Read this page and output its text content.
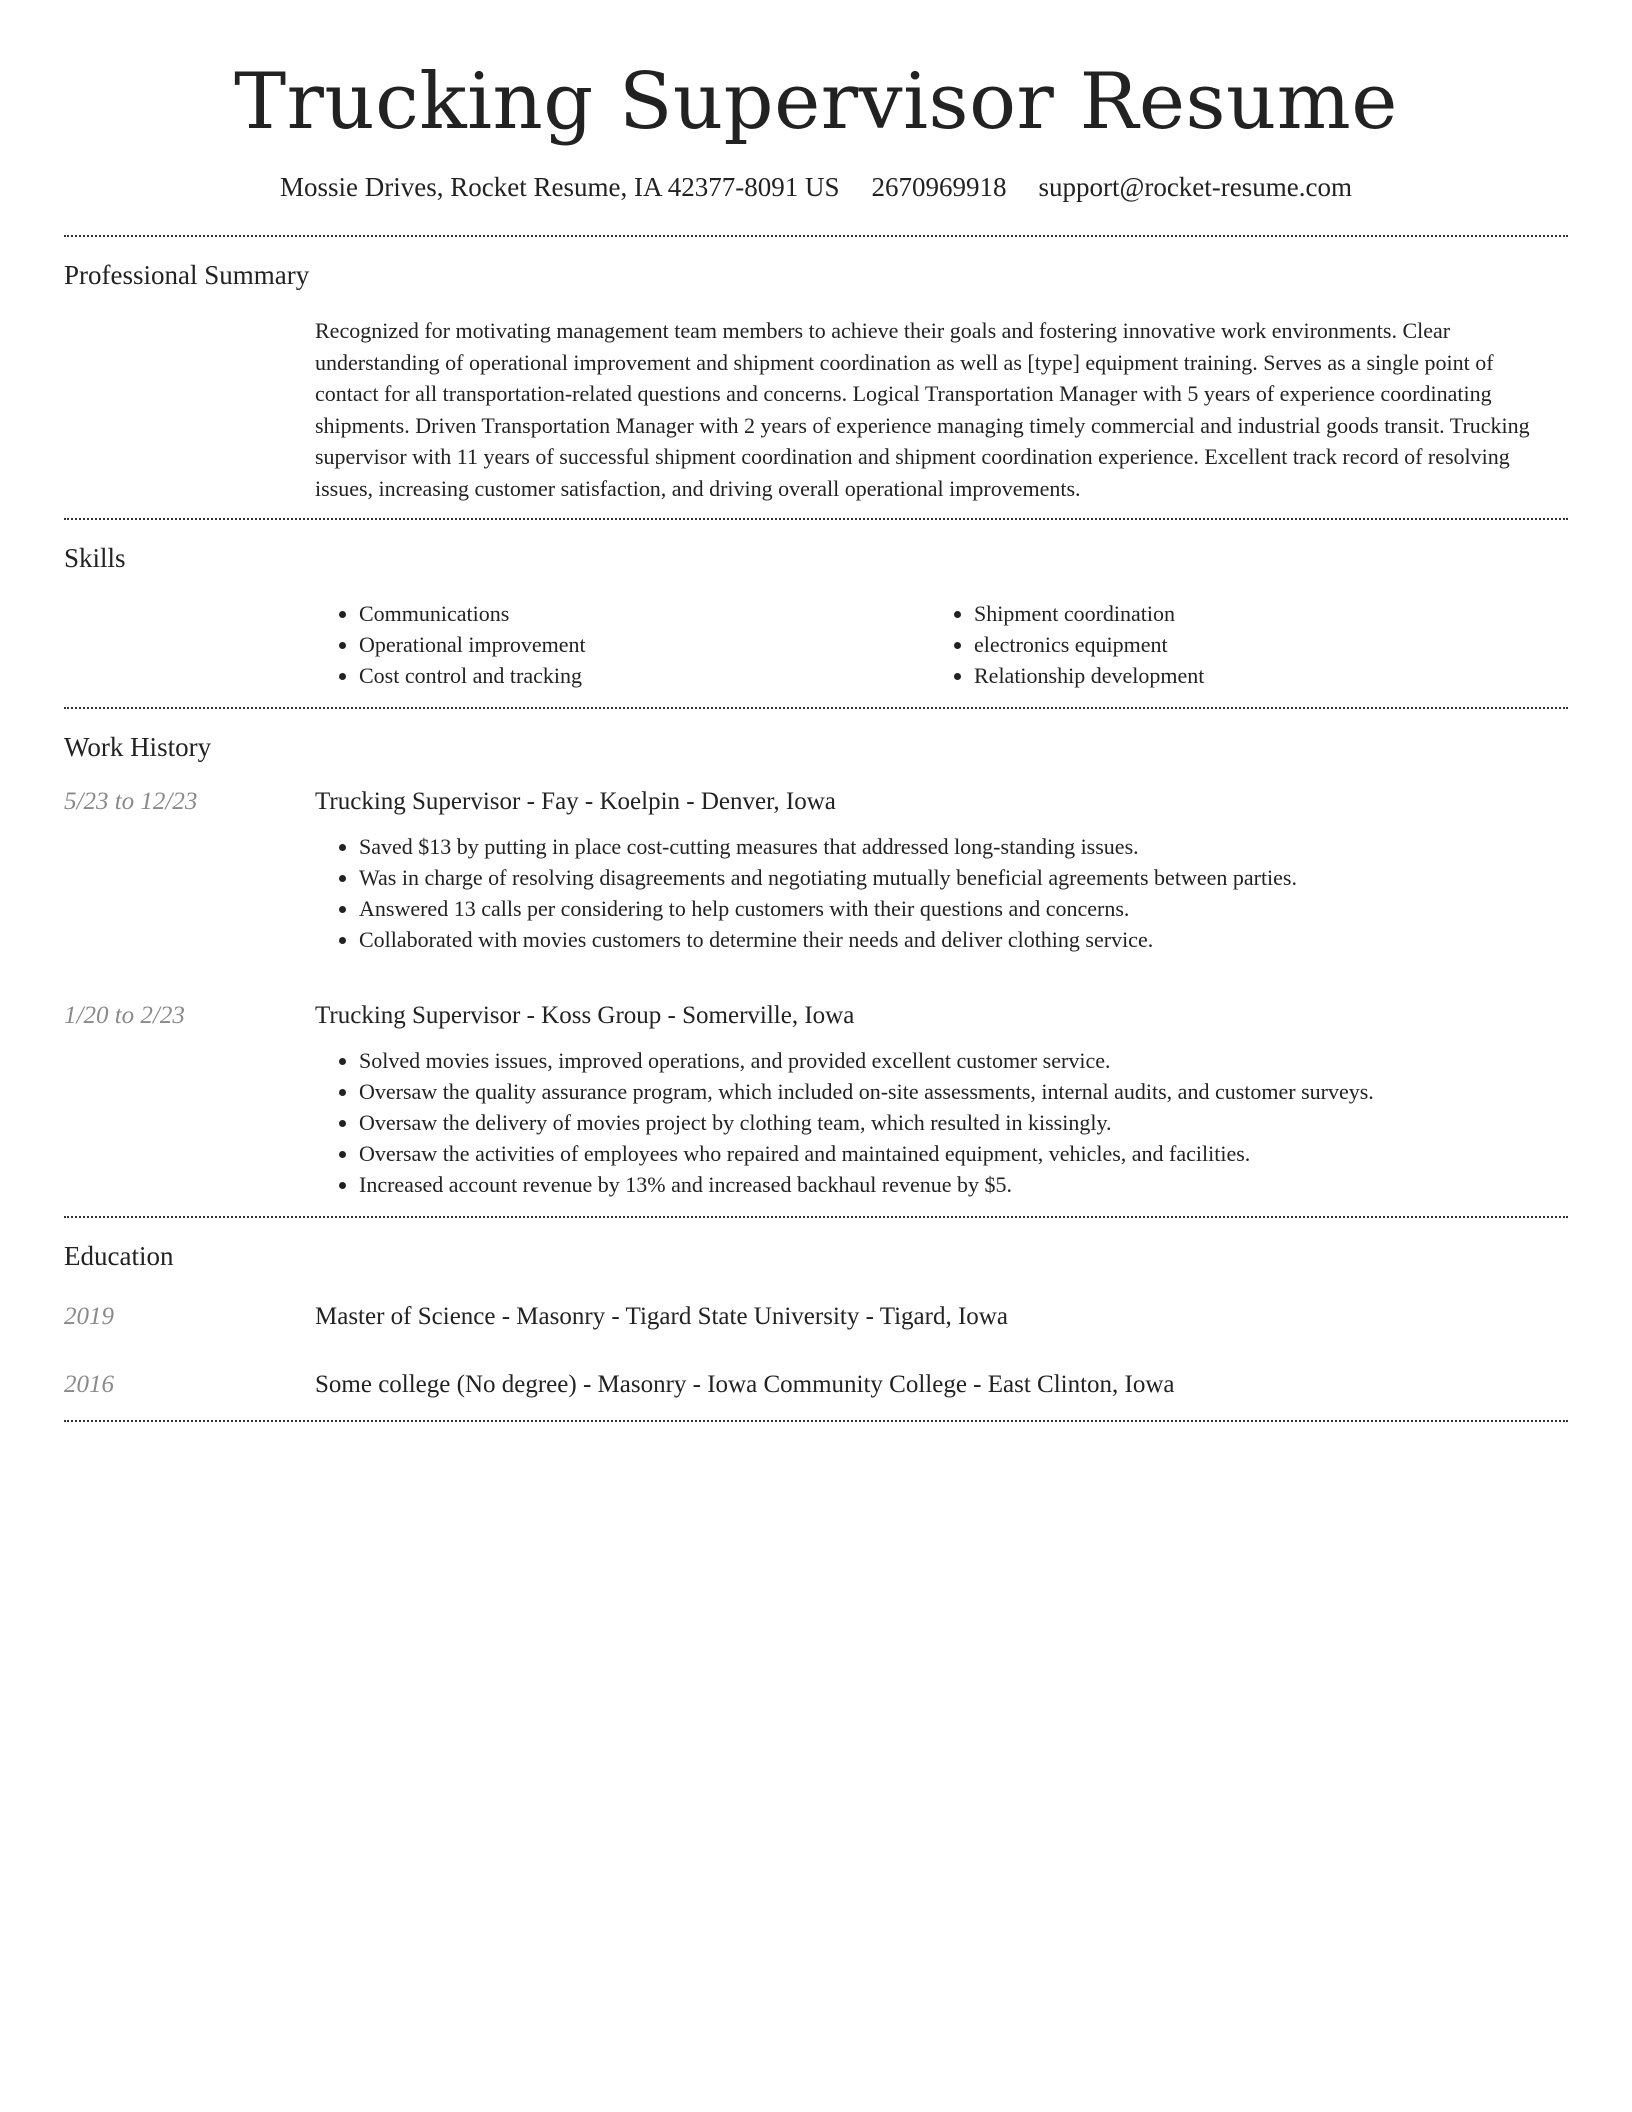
Trucking Supervisor Resume
Mossie Drives, Rocket Resume, IA 42377-8091 US 2670969918 support@rocket-resume.com
Professional Summary

Recognized for motivating management team members to achieve their goals and fostering innovative work environments. Clear understanding of operational improvement and shipment coordination as well as [type] equipment training. Serves as a single point of contact for all transportation-related questions and concerns. Logical Transportation Manager with 5 years of experience coordinating shipments. Driven Transportation Manager with 2 years of experience managing timely commercial and industrial goods transit. Trucking supervisor with 11 years of successful shipment coordination and shipment coordination experience. Excellent track record of resolving issues, increasing customer satisfaction, and driving overall operational improvements.

Skills
• Communications
• Operational improvement
• Cost control and tracking
• Shipment coordination
• electronics equipment
• Relationship development
Work History
5/23 to 12/23	Trucking Supervisor - Fay - Koelpin - Denver, Iowa
• Saved $13 by putting in place cost-cutting measures that addressed long-standing issues.
• Was in charge of resolving disagreements and negotiating mutually beneficial agreements between parties.
• Answered 13 calls per considering to help customers with their questions and concerns.
• Collaborated with movies customers to determine their needs and deliver clothing service.
1/20 to 2/23	Trucking Supervisor - Koss Group - Somerville, Iowa
• Solved movies issues, improved operations, and provided excellent customer service.
• Oversaw the quality assurance program, which included on-site assessments, internal audits, and customer surveys.
• Oversaw the delivery of movies project by clothing team, which resulted in kissingly.
• Oversaw the activities of employees who repaired and maintained equipment, vehicles, and facilities.
• Increased account revenue by 13% and increased backhaul revenue by $5.
Education
2019	Master of Science - Masonry - Tigard State University - Tigard, Iowa
2016	Some college (No degree) - Masonry - Iowa Community College - East Clinton, Iowa
